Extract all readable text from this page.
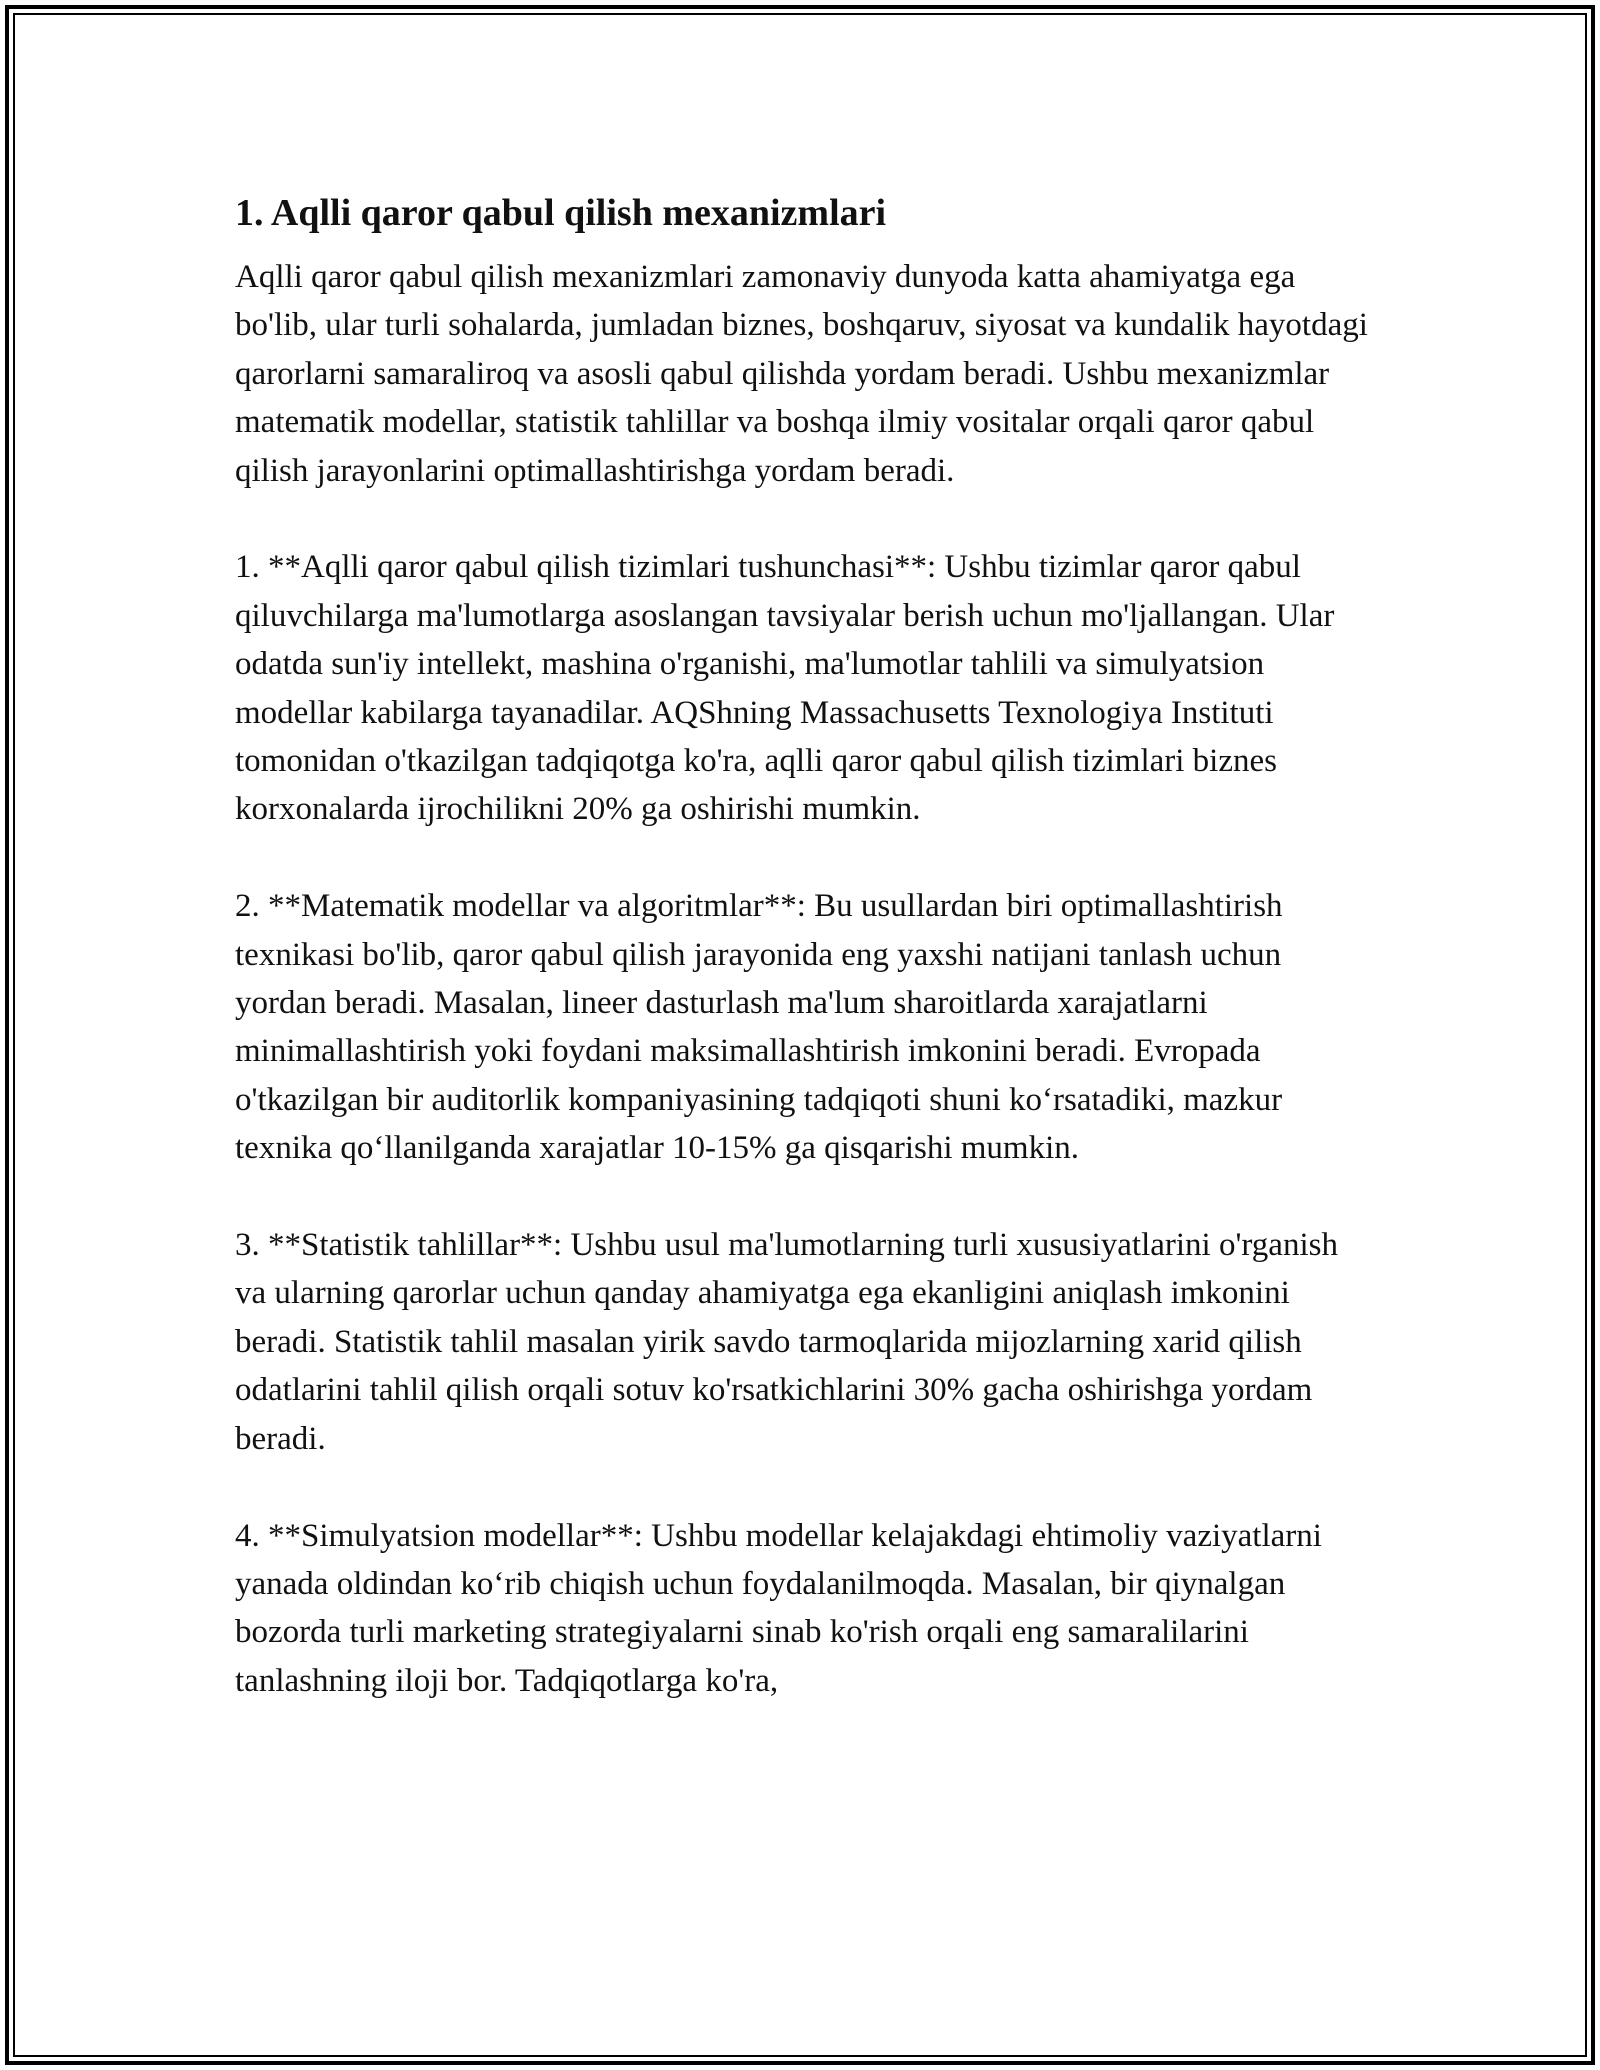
1. Aqlli qaror qabul qilish mexanizmlari
Aqlli qaror qabul qilish mexanizmlari zamonaviy dunyoda katta ahamiyatga ega bo'lib, ular turli sohalarda, jumladan biznes, boshqaruv, siyosat va kundalik hayotdagi qarorlarni samaraliroq va asosli qabul qilishda yordam beradi. Ushbu mexanizmlar matematik modellar, statistik tahlillar va boshqa ilmiy vositalar orqali qaror qabul qilish jarayonlarini optimallashtirishga yordam beradi.
1. **Aqlli qaror qabul qilish tizimlari tushunchasi**: Ushbu tizimlar qaror qabul qiluvchilarga ma'lumotlarga asoslangan tavsiyalar berish uchun mo'ljallangan. Ular odatda sun'iy intellekt, mashina o'rganishi, ma'lumotlar tahlili va simulyatsion modellar kabilarga tayanadilar. AQShning Massachusetts Texnologiya Instituti tomonidan o'tkazilgan tadqiqotga ko'ra, aqlli qaror qabul qilish tizimlari biznes korxonalarda ijrochilikni 20% ga oshirishi mumkin.
2. **Matematik modellar va algoritmlar**: Bu usullardan biri optimallashtirish texnikasi bo'lib, qaror qabul qilish jarayonida eng yaxshi natijani tanlash uchun yordan beradi. Masalan, lineer dasturlash ma'lum sharoitlarda xarajatlarni minimallashtirish yoki foydani maksimallashtirish imkonini beradi. Evropada o'tkazilgan bir auditorlik kompaniyasining tadqiqoti shuni ko‘rsatadiki, mazkur texnika qo‘llanilganda xarajatlar 10-15% ga qisqarishi mumkin.
3. **Statistik tahlillar**: Ushbu usul ma'lumotlarning turli xususiyatlarini o'rganish va ularning qarorlar uchun qanday ahamiyatga ega ekanligini aniqlash imkonini beradi. Statistik tahlil masalan yirik savdo tarmoqlarida mijozlarning xarid qilish odatlarini tahlil qilish orqali sotuv ko'rsatkichlarini 30% gacha oshirishga yordam beradi.
4. **Simulyatsion modellar**: Ushbu modellar kelajakdagi ehtimoliy vaziyatlarni yanada oldindan ko‘rib chiqish uchun foydalanilmoqda. Masalan, bir qiynalgan bozorda turli marketing strategiyalarni sinab ko'rish orqali eng samaralilarini tanlashning iloji bor. Tadqiqotlarga ko'ra,
